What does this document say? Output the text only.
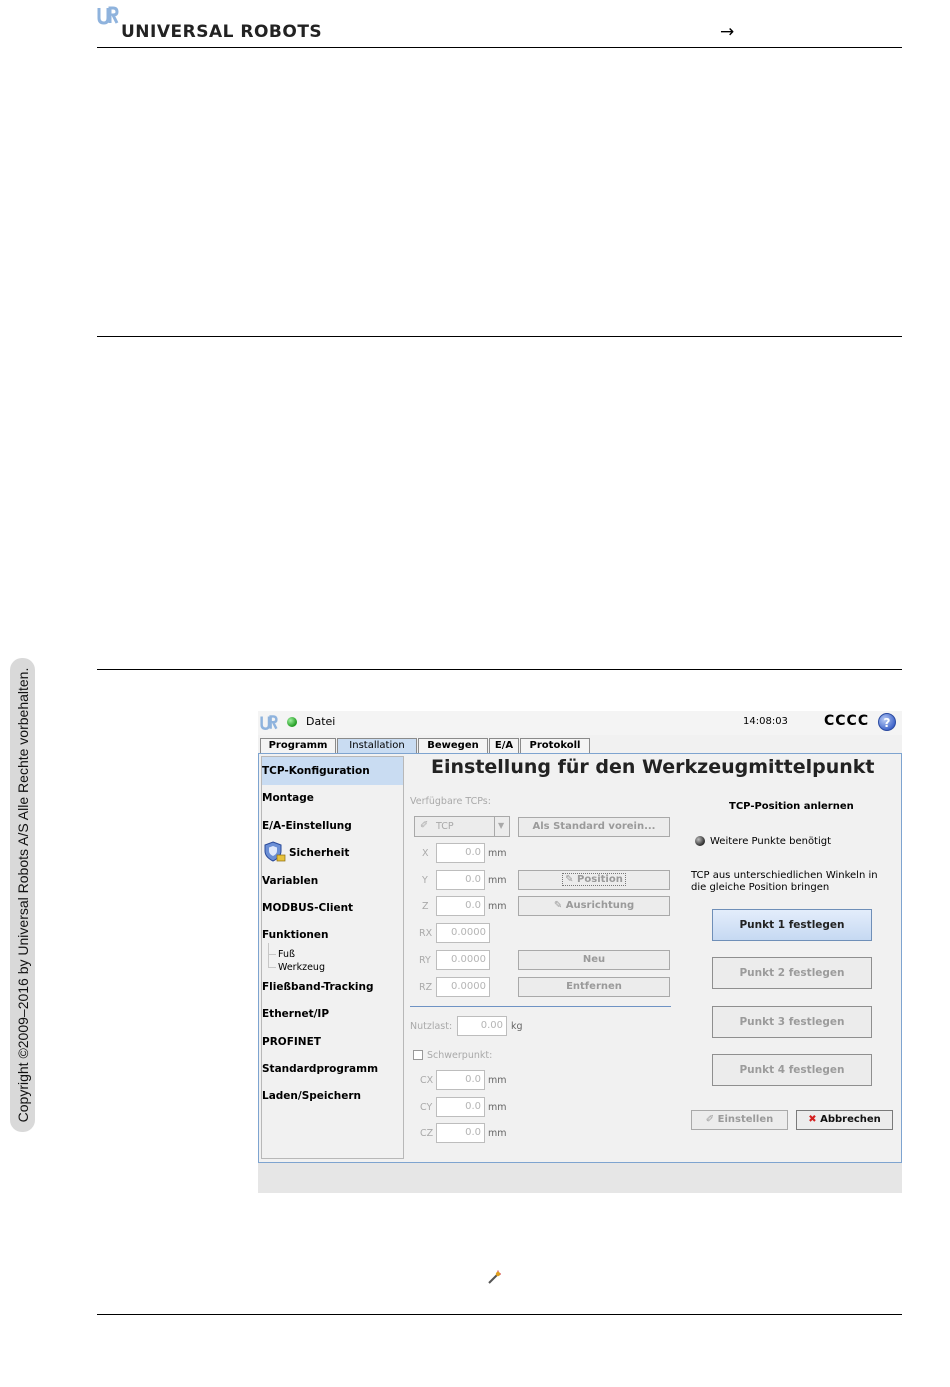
UNIVERSAL ROBOTS	→
Copyright ©2009–2016 by Universal Robots A/S Alle Rechte vorbehalten.	Datei	14:08:03	CCCC	?
Programm	Installation	Bewegen	E/A	Protokoll
TCP-Konfiguration
Montage
E/A-Einstellung
Sicherheit
Variablen
MODBUS-Client
Funktionen
Fuß
Werkzeug
Fließband-Tracking
Ethernet/IP
PROFINET
Standardprogramm
Laden/Speichern
Einstellung für den Werkzeugmittelpunkt
Verfügbare TCPs:
✐ TCP	▼	Als Standard vorein...
X	0.0 mm
Y	0.0 mm	✎ Position
Z	0.0 mm	✎ Ausrichtung
RX	0.0000
RY	0.0000	Neu
RZ	0.0000	Entfernen
Nutzlast:	0.00 kg
Schwerpunkt:
CX	0.0 mm
CY	0.0 mm
CZ	0.0 mm
TCP-Position anlernen
Weitere Punkte benötigt
TCP aus unterschiedlichen Winkeln in
die gleiche Position bringen
Punkt 1 festlegen
Punkt 2 festlegen
Punkt 3 festlegen
Punkt 4 festlegen
✐ Einstellen	✖ Abbrechen
